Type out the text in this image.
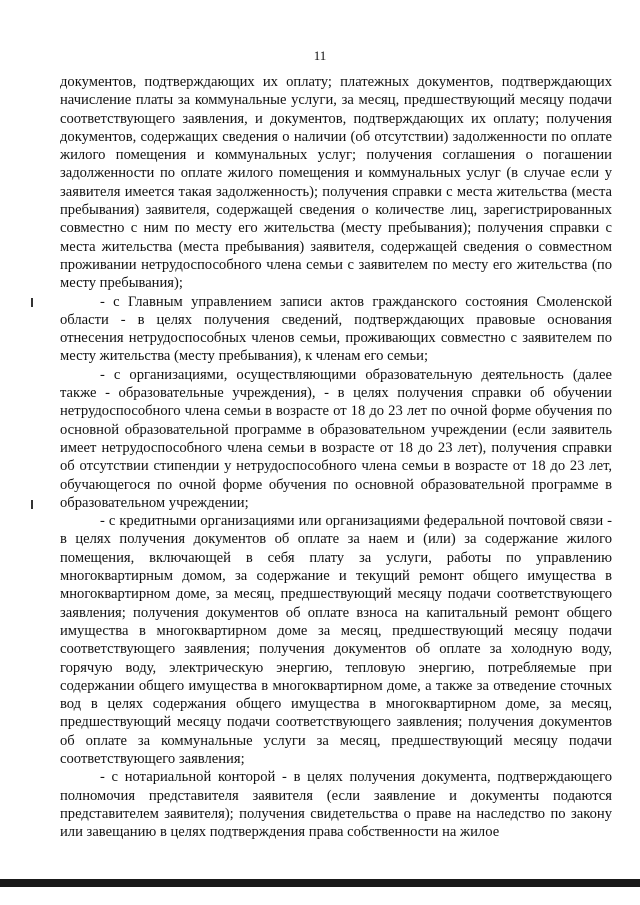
11

документов, подтверждающих их оплату; платежных документов, подтверждающих начисление платы за коммунальные услуги, за месяц, предшествующий месяцу подачи соответствующего заявления, и документов, подтверждающих их оплату; получения документов, содержащих сведения о наличии (об отсутствии) задолженности по оплате жилого помещения и коммунальных услуг; получения соглашения о погашении задолженности по оплате жилого помещения и коммунальных услуг (в случае если у заявителя имеется такая задолженность); получения справки с места жительства (места пребывания) заявителя, содержащей сведения о количестве лиц, зарегистрированных совместно с ним по месту его жительства (месту пребывания); получения справки с места жительства (места пребывания) заявителя, содержащей сведения о совместном проживании нетрудоспособного члена семьи с заявителем по месту его жительства (по месту пребывания);

- с Главным управлением записи актов гражданского состояния Смоленской области - в целях получения сведений, подтверждающих правовые основания отнесения нетрудоспособных членов семьи, проживающих совместно с заявителем по месту жительства (месту пребывания), к членам его семьи;

- с организациями, осуществляющими образовательную деятельность (далее также - образовательные учреждения), - в целях получения справки об обучении нетрудоспособного члена семьи в возрасте от 18 до 23 лет по очной форме обучения по основной образовательной программе в образовательном учреждении (если заявитель имеет нетрудоспособного члена семьи в возрасте от 18 до 23 лет), получения справки об отсутствии стипендии у нетрудоспособного члена семьи в возрасте от 18 до 23 лет, обучающегося по очной форме обучения по основной образовательной программе в образовательном учреждении;

- с кредитными организациями или организациями федеральной почтовой связи - в целях получения документов об оплате за наем и (или) за содержание жилого помещения, включающей в себя плату за услуги, работы по управлению многоквартирным домом, за содержание и текущий ремонт общего имущества в многоквартирном доме, за месяц, предшествующий месяцу подачи соответствующего заявления; получения документов об оплате взноса на капитальный ремонт общего имущества в многоквартирном доме за месяц, предшествующий месяцу подачи соответствующего заявления; получения документов об оплате за холодную воду, горячую воду, электрическую энергию, тепловую энергию, потребляемые при содержании общего имущества в многоквартирном доме, а также за отведение сточных вод в целях содержания общего имущества в многоквартирном доме, за месяц, предшествующий месяцу подачи соответствующего заявления; получения документов об оплате за коммунальные услуги за месяц, предшествующий месяцу подачи соответствующего заявления;

- с нотариальной конторой - в целях получения документа, подтверждающего полномочия представителя заявителя (если заявление и документы подаются представителем заявителя); получения свидетельства о праве на наследство по закону или завещанию в целях подтверждения права собственности на жилое
